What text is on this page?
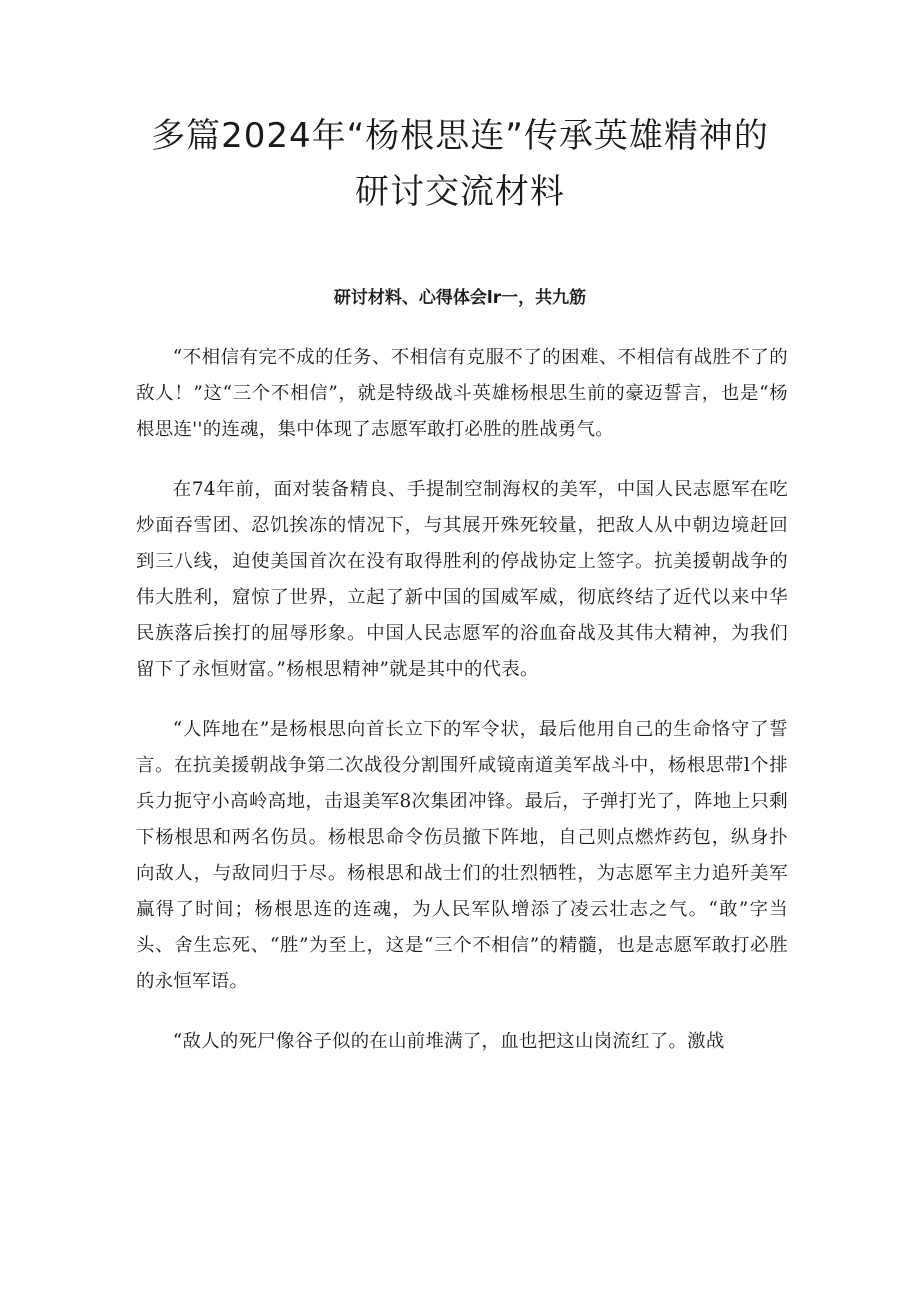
多篇2024年“杨根思连”传承英雄精神的
研讨交流材料

研讨材料、心得体会lr一，共九筋

“不相信有完不成的任务、不相信有克服不了的困难、不相信有战胜不了的敌人！”这“三个不相信”，就是特级战斗英雄杨根思生前的豪迈誓言，也是“杨根思连''的连魂，集中体现了志愿军敢打必胜的胜战勇气。

在74年前，面对装备精良、手提制空制海权的美军，中国人民志愿军在吃炒面吞雪团、忍饥挨冻的情况下，与其展开殊死较量，把敌人从中朝边境赶回到三八线，迫使美国首次在没有取得胜利的停战协定上签字。抗美援朝战争的伟大胜利，窟惊了世界，立起了新中国的国威军威，彻底终结了近代以来中华民族落后挨打的屈辱形象。中国人民志愿军的浴血奋战及其伟大精神，为我们留下了永恒财富。”杨根思精神”就是其中的代表。

“人阵地在”是杨根思向首长立下的军令状，最后他用自己的生命恪守了誓言。在抗美援朝战争第二次战役分割围歼咸镜南道美军战斗中，杨根思带l个排兵力扼守小高岭高地，击退美军8次集团冲锋。最后，子弹打光了，阵地上只剩下杨根思和两名伤员。杨根思命令伤员撤下阵地，自己则点燃炸药包，纵身扑向敌人，与敌同归于尽。杨根思和战士们的壮烈牺牲，为志愿军主力追歼美军赢得了时间；杨根思连的连魂，为人民军队增添了凌云壮志之气。“敢”字当头、舍生忘死、“胜”为至上，这是“三个不相信”的精髓，也是志愿军敢打必胜的永恒军语。

“敌人的死尸像谷子似的在山前堆满了，血也把这山岗流红了。激战
